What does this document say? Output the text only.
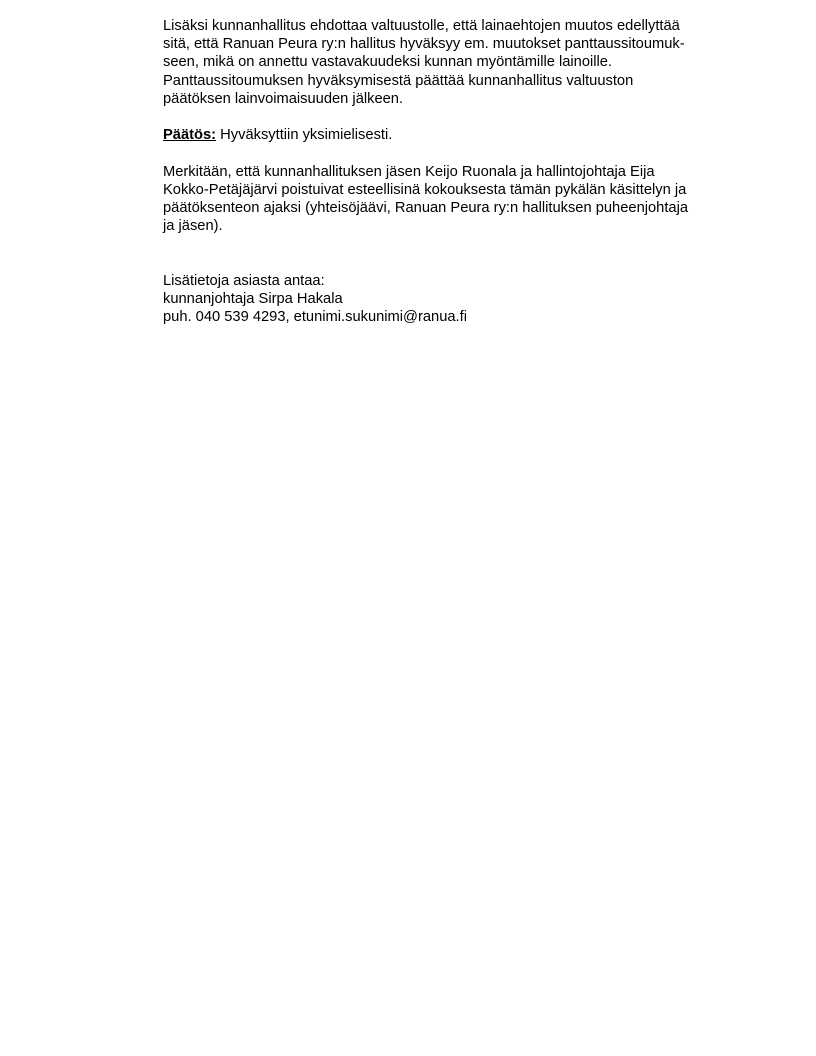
Lisäksi kunnanhallitus ehdottaa valtuustolle, että lainaehtojen muutos edellyttää
sitä, että Ranuan Peura ry:n hallitus hyväksyy em. muutokset panttaussitoumuk-
seen, mikä on annettu vastavakuudeksi kunnan myöntämille lainoille.
Panttaussitoumuksen hyväksymisestä päättää kunnanhallitus valtuuston
päätöksen lainvoimaisuuden jälkeen.
Päätös: Hyväksyttiin yksimielisesti.
Merkitään, että kunnanhallituksen jäsen Keijo Ruonala ja hallintojohtaja Eija
Kokko-Petäjäjärvi poistuivat esteellisinä kokouksesta tämän pykälän käsittelyn ja
päätöksenteon ajaksi (yhteisöjäävi, Ranuan Peura ry:n hallituksen puheenjohtaja
ja jäsen).
Lisätietoja asiasta antaa:
kunnanjohtaja Sirpa Hakala
puh. 040 539 4293, etunimi.sukunimi@ranua.fi
